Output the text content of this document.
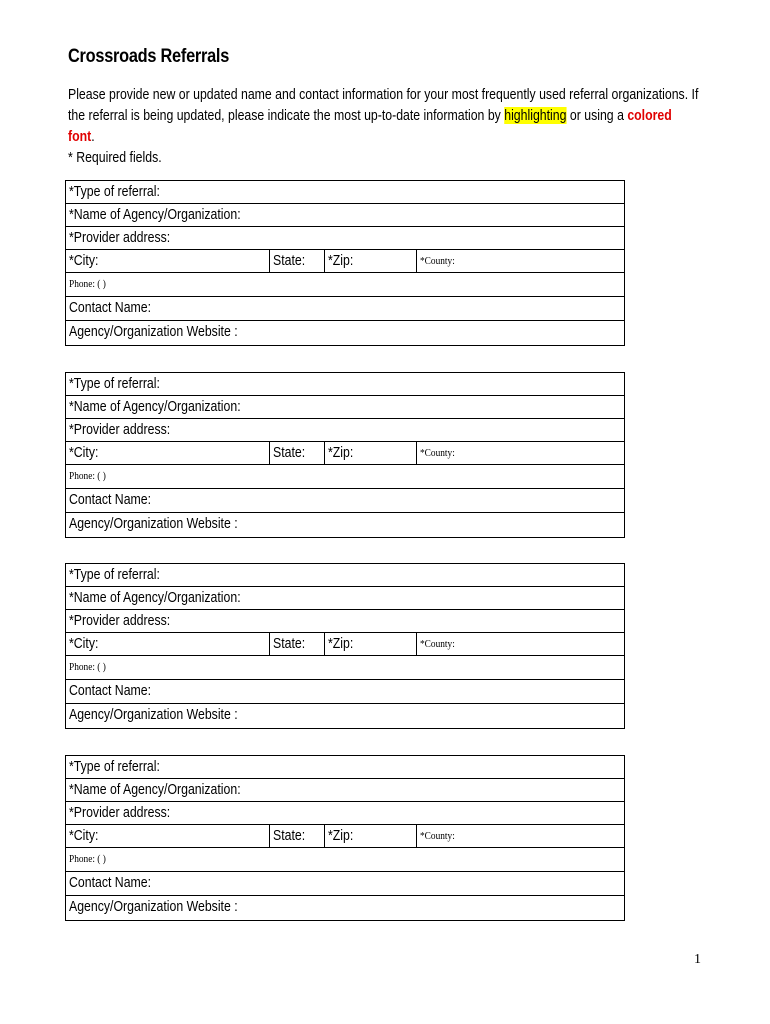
Crossroads Referrals
Please provide new or updated name and contact information for your most frequently used referral organizations. If
the referral is being updated, please indicate the most up-to-date information by highlighting or using a colored
font.
* Required fields.
*Type of referral:
*Name of Agency/Organization:
*Provider address:
*City:	State:	*Zip:	*County:
Phone: ( )
Contact Name:
Agency/Organization Website :
*Type of referral:
*Name of Agency/Organization:
*Provider address:
*City:	State:	*Zip:	*County:
Phone: ( )
Contact Name:
Agency/Organization Website :
*Type of referral:
*Name of Agency/Organization:
*Provider address:
*City:	State:	*Zip:	*County:
Phone: ( )
Contact Name:
Agency/Organization Website :
*Type of referral:
*Name of Agency/Organization:
*Provider address:
*City:	State:	*Zip:	*County:
Phone: ( )
Contact Name:
Agency/Organization Website :
1
